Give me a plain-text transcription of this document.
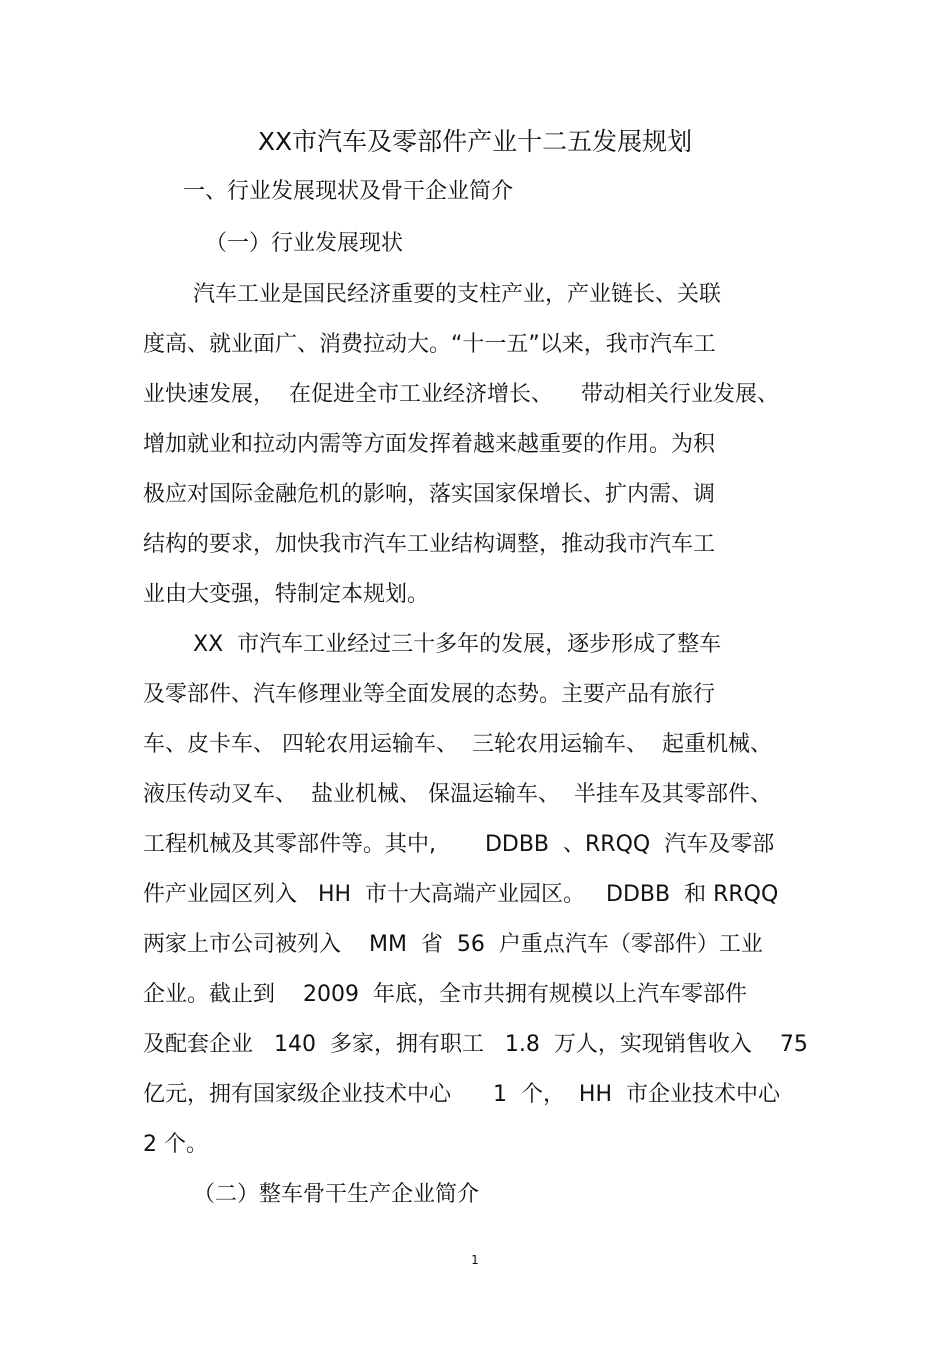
XX市汽车及零部件产业十二五发展规划
一、行业发展现状及骨干企业简介
（一）行业发展现状
汽车工业是国民经济重要的支柱产业，产业链长、关联
度高、就业面广、消费拉动大。“十一五”以来，我市汽车工
业快速发展，  在促进全市工业经济增长、    带动相关行业发展、
增加就业和拉动内需等方面发挥着越来越重要的作用。为积
极应对国际金融危机的影响，落实国家保增长、扩内需、调
结构的要求，加快我市汽车工业结构调整，推动我市汽车工
业由大变强，特制定本规划。
XX  市汽车工业经过三十多年的发展，逐步形成了整车
及零部件、汽车修理业等全面发展的态势。主要产品有旅行
车、皮卡车、 四轮农用运输车、  三轮农用运输车、  起重机械、
液压传动叉车、  盐业机械、 保温运输车、  半挂车及其零部件、
工程机械及其零部件等。其中,       DDBB  、RRQQ  汽车及零部
件产业园区列入   HH  市十大高端产业园区。   DDBB  和 RRQQ
两家上市公司被列入    MM  省  56  户重点汽车（零部件）工业
企业。截止到    2009  年底，全市共拥有规模以上汽车零部件
及配套企业   140  多家，拥有职工   1.8  万人，实现销售收入    75
亿元，拥有国家级企业技术中心      1  个，  HH  市企业技术中心
2 个。
（二）整车骨干生产企业简介
1
